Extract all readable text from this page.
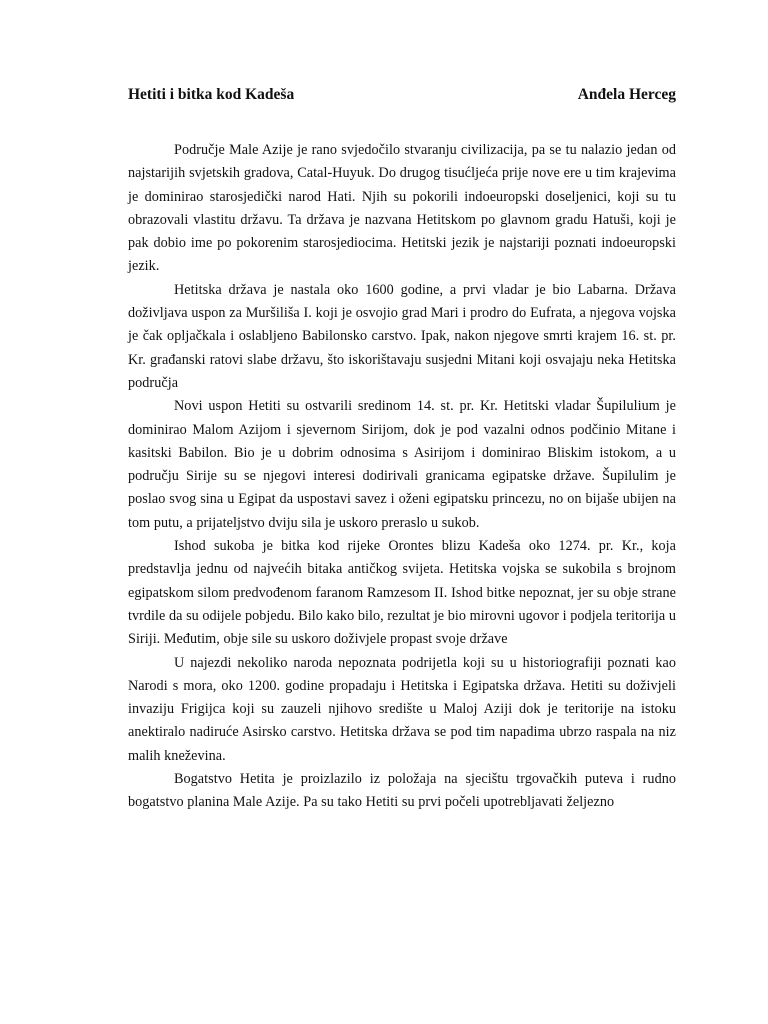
Hetiti i bitka kod Kadeša	Anđela Herceg

Područje Male Azije je rano svjedočilo stvaranju civilizacija, pa se tu nalazio jedan od najstarijih svjetskih gradova, Catal-Huyuk. Do drugog tisućljeća prije nove ere u tim krajevima je dominirao starosjedički narod Hati. Njih su pokorili indoeuropski doseljenici, koji su tu obrazovali vlastitu državu. Ta država je nazvana Hetitskom po glavnom gradu Hatuši, koji je pak dobio ime po pokorenim starosjediocima. Hetitski jezik je najstariji poznati indoeuropski jezik.

Hetitska država je nastala oko 1600 godine, a prvi vladar je bio Labarna. Država doživljava uspon za Muršiliša I. koji je osvojio grad Mari i prodro do Eufrata, a njegova vojska je čak opljačkala i oslabljeno Babilonsko carstvo. Ipak, nakon njegove smrti krajem 16. st. pr. Kr. građanski ratovi slabe državu, što iskorištavaju susjedni Mitani koji osvajaju neka Hetitska područja

Novi uspon Hetiti su ostvarili sredinom 14. st. pr. Kr. Hetitski vladar Šupilulium je dominirao Malom Azijom i sjevernom Sirijom, dok je pod vazalni odnos podčinio Mitane i kasitski Babilon. Bio je u dobrim odnosima s Asirijom i dominirao Bliskim istokom, a u području Sirije su se njegovi interesi dodirivali granicama egipatske države. Šupilulim je poslao svog sina u Egipat da uspostavi savez i oženi egipatsku princezu, no on bijaše ubijen na tom putu, a prijateljstvo dviju sila je uskoro preraslo u sukob.

Ishod sukoba je bitka kod rijeke Orontes blizu Kadeša oko 1274. pr. Kr., koja predstavlja jednu od najvećih bitaka antičkog svijeta. Hetitska vojska se sukobila s brojnom egipatskom silom predvođenom faranom Ramzesom II. Ishod bitke nepoznat, jer su obje strane tvrdile da su odijele pobjedu. Bilo kako bilo, rezultat je bio mirovni ugovor i podjela teritorija u Siriji. Međutim, obje sile su uskoro doživjele propast svoje države

U najezdi nekoliko naroda nepoznata podrijetla koji su u historiografiji poznati kao Narodi s mora, oko 1200. godine propadaju i Hetitska i Egipatska država. Hetiti su doživjeli invaziju Frigijca koji su zauzeli njihovo središte u Maloj Aziji dok je teritorije na istoku anektiralo nadiruće Asirsko carstvo. Hetitska država se pod tim napadima ubrzo raspala na niz malih kneževina.

Bogatstvo Hetita je proizlazilo iz položaja na sjecištu trgovačkih puteva i rudno bogatstvo planina Male Azije. Pa su tako Hetiti su prvi počeli upotrebljavati željezno
